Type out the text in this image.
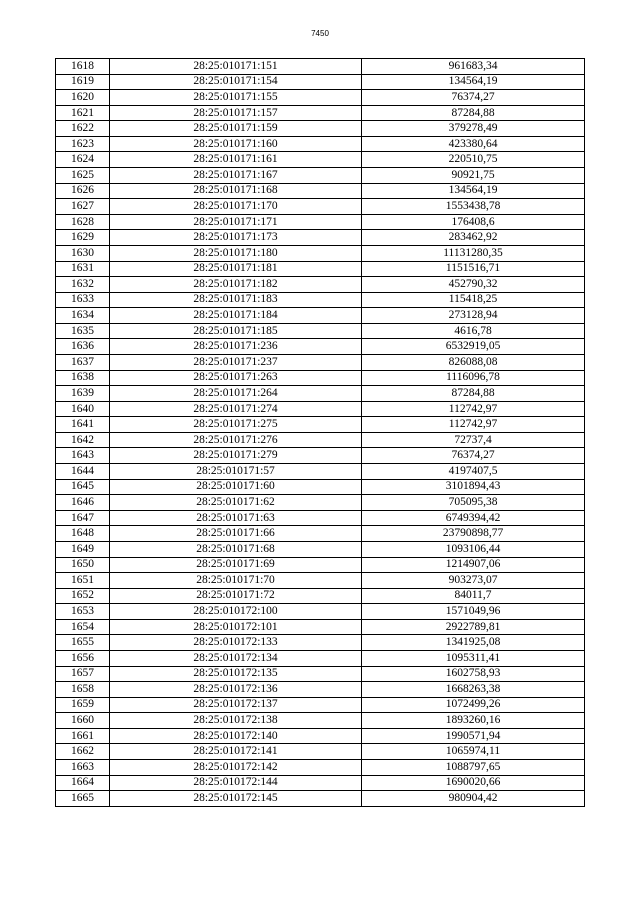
7450
1618	28:25:010171:151	961683,34
1619	28:25:010171:154	134564,19
1620	28:25:010171:155	76374,27
1621	28:25:010171:157	87284,88
1622	28:25:010171:159	379278,49
1623	28:25:010171:160	423380,64
1624	28:25:010171:161	220510,75
1625	28:25:010171:167	90921,75
1626	28:25:010171:168	134564,19
1627	28:25:010171:170	1553438,78
1628	28:25:010171:171	176408,6
1629	28:25:010171:173	283462,92
1630	28:25:010171:180	11131280,35
1631	28:25:010171:181	1151516,71
1632	28:25:010171:182	452790,32
1633	28:25:010171:183	115418,25
1634	28:25:010171:184	273128,94
1635	28:25:010171:185	4616,78
1636	28:25:010171:236	6532919,05
1637	28:25:010171:237	826088,08
1638	28:25:010171:263	1116096,78
1639	28:25:010171:264	87284,88
1640	28:25:010171:274	112742,97
1641	28:25:010171:275	112742,97
1642	28:25:010171:276	72737,4
1643	28:25:010171:279	76374,27
1644	28:25:010171:57	4197407,5
1645	28:25:010171:60	3101894,43
1646	28:25:010171:62	705095,38
1647	28:25:010171:63	6749394,42
1648	28:25:010171:66	23790898,77
1649	28:25:010171:68	1093106,44
1650	28:25:010171:69	1214907,06
1651	28:25:010171:70	903273,07
1652	28:25:010171:72	84011,7
1653	28:25:010172:100	1571049,96
1654	28:25:010172:101	2922789,81
1655	28:25:010172:133	1341925,08
1656	28:25:010172:134	1095311,41
1657	28:25:010172:135	1602758,93
1658	28:25:010172:136	1668263,38
1659	28:25:010172:137	1072499,26
1660	28:25:010172:138	1893260,16
1661	28:25:010172:140	1990571,94
1662	28:25:010172:141	1065974,11
1663	28:25:010172:142	1088797,65
1664	28:25:010172:144	1690020,66
1665	28:25:010172:145	980904,42
